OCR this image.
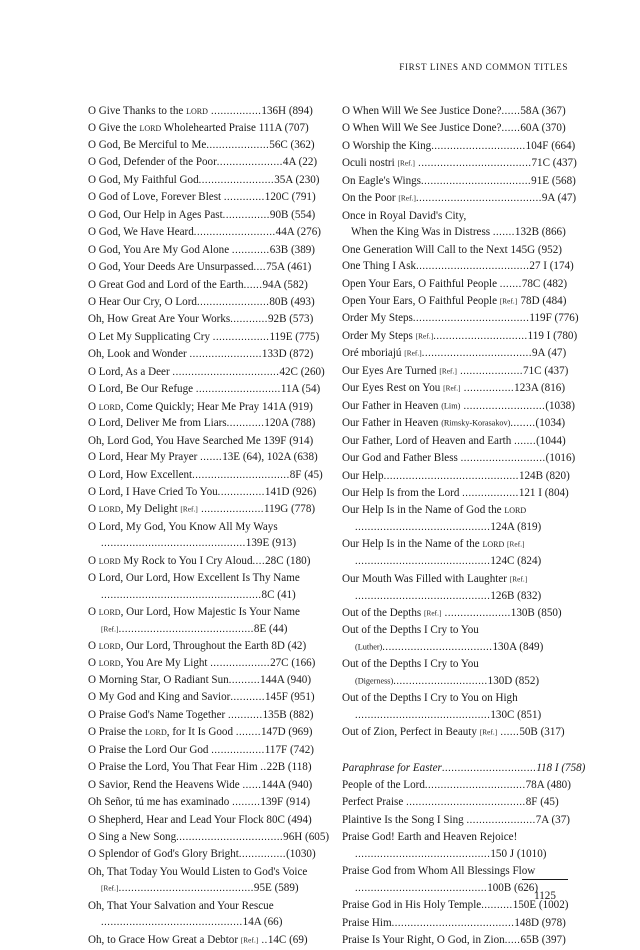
FIRST LINES AND COMMON TITLES
O Give Thanks to the lord ................136H (894)
O Give the lord Wholehearted Praise 111A (707)
O God, Be Merciful to Me....................56C (362)
O God, Defender of the Poor.....................4A (22)
O God, My Faithful God........................35A (230)
O God of Love, Forever Blest .............120C (791)
O God, Our Help in Ages Past...............90B (554)
O God, We Have Heard..........................44A (276)
O God, You Are My God Alone ............63B (389)
O God, Your Deeds Are Unsurpassed....75A (461)
O Great God and Lord of the Earth......94A (582)
O Hear Our Cry, O Lord.......................80B (493)
Oh, How Great Are Your Works............92B (573)
O Let My Supplicating Cry ..................119E (775)
Oh, Look and Wonder .......................133D (872)
O Lord, As a Deer ..................................42C (260)
O Lord, Be Our Refuge ...........................11A (54)
O lord, Come Quickly; Hear Me Pray 141A (919)
O Lord, Deliver Me from Liars............120A (788)
Oh, Lord God, You Have Searched Me 139F (914)
O Lord, Hear My Prayer .......13E (64), 102A (638)
O Lord, How Excellent...............................8F (45)
O Lord, I Have Cried To You...............141D (926)
O lord, My Delight [Ref.] ....................119G (778)
O Lord, My God, You Know All My Ways
..............................................139E (913)
O lord My Rock to You I Cry Aloud....28C (180)
O Lord, Our Lord, How Excellent Is Thy Name
...................................................8C (41)
O lord, Our Lord, How Majestic Is Your Name
[Ref.]...........................................8E (44)
O lord, Our Lord, Throughout the Earth 8D (42)
O lord, You Are My Light ...................27C (166)
O Morning Star, O Radiant Sun..........144A (940)
O My God and King and Savior...........145F (951)
O Praise God's Name Together ...........135B (882)
O Praise the lord, for It Is Good ........147D (969)
O Praise the Lord Our God .................117F (742)
O Praise the Lord, You That Fear Him ..22B (118)
O Savior, Rend the Heavens Wide ......144A (940)
Oh Señor, tú me has examinado .........139F (914)
O Shepherd, Hear and Lead Your Flock 80C (494)
O Sing a New Song..................................96H (605)
O Splendor of God's Glory Bright...............(1030)
Oh, That Today You Would Listen to God's Voice
[Ref.]...........................................95E (589)
Oh, That Your Salvation and Your Rescue
.............................................14A (66)
Oh, to Grace How Great a Debtor [Ref.] ..14C (69)
O When Will We See Justice Done?......58A (367)
O When Will We See Justice Done?......60A (370)
O Worship the King..............................104F (664)
Oculi nostri [Ref.] ....................................71C (437)
On Eagle's Wings...................................91E (568)
On the Poor [Ref.]........................................9A (47)
Once in Royal David's City,
When the King Was in Distress .......132B (866)
One Generation Will Call to the Next 145G (952)
One Thing I Ask....................................27 I (174)
Open Your Ears, O Faithful People .......78C (482)
Open Your Ears, O Faithful People [Ref.] 78D (484)
Order My Steps.....................................119F (776)
Order My Steps [Ref.]..............................119 I (780)
Oré mboriajú [Ref.]...................................9A (47)
Our Eyes Are Turned [Ref.] ....................71C (437)
Our Eyes Rest on You [Ref.] ................123A (816)
Our Father in Heaven (Lim) ..........................(1038)
Our Father in Heaven (Rimsky-Korasakov)........(1034)
Our Father, Lord of Heaven and Earth .......(1044)
Our God and Father Bless ...........................(1016)
Our Help...........................................124B (820)
Our Help Is from the Lord ..................121 I (804)
Our Help Is in the Name of God the lord
...........................................124A (819)
Our Help Is in the Name of the lord [Ref.]
...........................................124C (824)
Our Mouth Was Filled with Laughter [Ref.]
...........................................126B (832)
Out of the Depths [Ref.] .....................130B (850)
Out of the Depths I Cry to You
(Luther)...................................130A (849)
Out of the Depths I Cry to You
(Digerness)..............................130D (852)
Out of the Depths I Cry to You on High
...........................................130C (851)
Out of Zion, Perfect in Beauty [Ref.] ......50B (317)
Paraphrase for Easter..............................118 I (758)
People of the Lord................................78A (480)
Perfect Praise ......................................8F (45)
Plaintive Is the Song I Sing ......................7A (37)
Praise God! Earth and Heaven Rejoice!
...........................................150 J (1010)
Praise God from Whom All Blessings Flow
..........................................100B (626)
Praise God in His Holy Temple..........150E (1002)
Praise Him.......................................148D (978)
Praise Is Your Right, O God, in Zion.....65B (397)
1125
